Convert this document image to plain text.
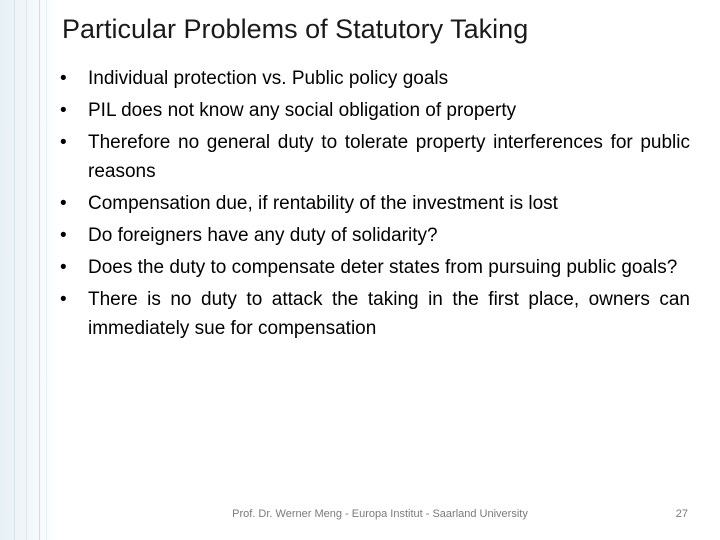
Particular Problems of Statutory Taking
•	Individual protection vs. Public policy goals
•	PIL does not know any social obligation of property
•	Therefore no general duty to tolerate property interferences for public reasons
•	Compensation due, if rentability of the investment is lost
•	Do foreigners have any duty of solidarity?
•	Does the duty to compensate deter states from pursuing public goals?
•	There is no duty to attack the taking in the first place, owners can immediately sue for compensation
Prof. Dr. Werner Meng - Europa Institut - Saarland University	27
